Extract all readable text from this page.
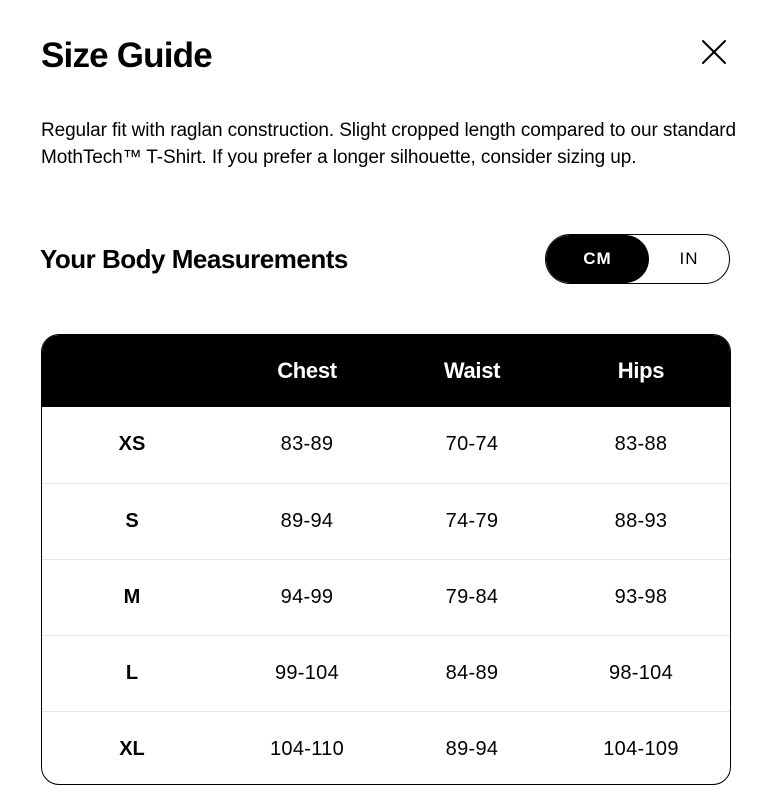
Size Guide

Regular fit with raglan construction. Slight cropped length compared to our standard MothTech™ T-Shirt. If you prefer a longer silhouette, consider sizing up.

Your Body Measurements	CM	IN
	Chest	Waist	Hips
XS	83-89	70-74	83-88
S	89-94	74-79	88-93
M	94-99	79-84	93-98
L	99-104	84-89	98-104
XL	104-110	89-94	104-109
